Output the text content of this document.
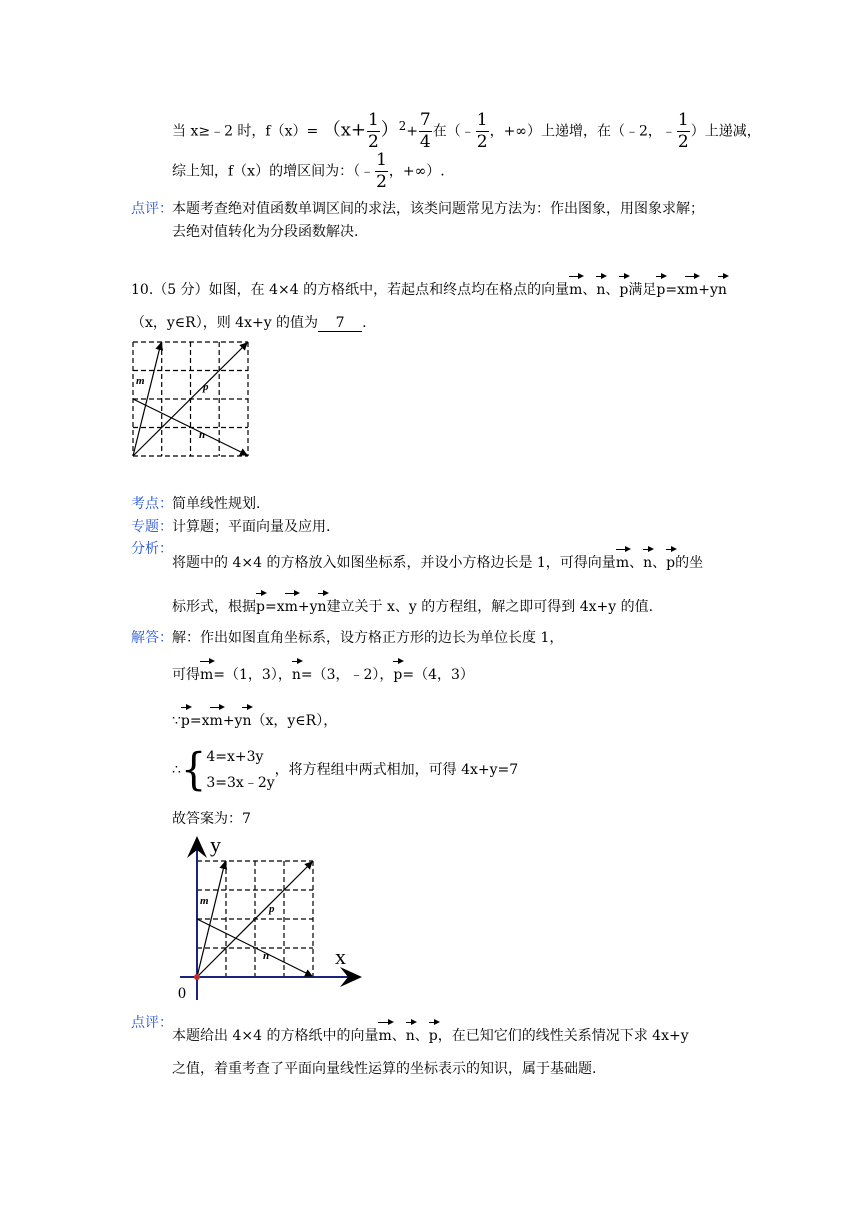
当 x≥﹣2 时，$f(x)= (x+ \frac{1}{2} )^2+ \frac{7}{4}$ 在（﹣ $\frac{1}{2}$ ，+∞）上递增，在（﹣2，﹣ $\frac{1}{2}$ ）上递减，
综上知，f（x）的增区间为：（﹣ $\frac{1}{2}$ ，+∞）.
点评： 本题考查绝对值函数单调区间的求法，该类问题常见方法为：作出图象，用图象求解；
去绝对值转化为分段函数解决.
10.（5 分）如图，在 4×4 的方格纸中，若起点和终点均在格点的向量m、n、p满足p=xm+yn
（x，y∈R），则 4x+y 的值为 7 .
m	p
n
考点： 简单线性规划.
专题： 计算题；平面向量及应用.
分析：
将题中的 4×4 的方格放入如图坐标系，并设小方格边长是 1，可得向量m、n、p的坐
标形式，根据p=xm+yn建立关于 x、y 的方程组，解之即可得到 4x+y 的值.
解答： 解：作出如图直角坐标系，设方格正方形的边长为单位长度 1，
可得m=（1，3），n=（3，﹣2），p=（4，3）
∵p=xm+yn（x，y∈R），
∴{4=x+3y
3=3x﹣2y，将方程组中两式相加，可得 4x+y=7
故答案为：7
y
x
0
m
p
n
点评：
本题给出 4×4 的方格纸中的向量m、n、p，在已知它们的线性关系情况下求 4x+y
之值，着重考查了平面向量线性运算的坐标表示的知识，属于基础题.
